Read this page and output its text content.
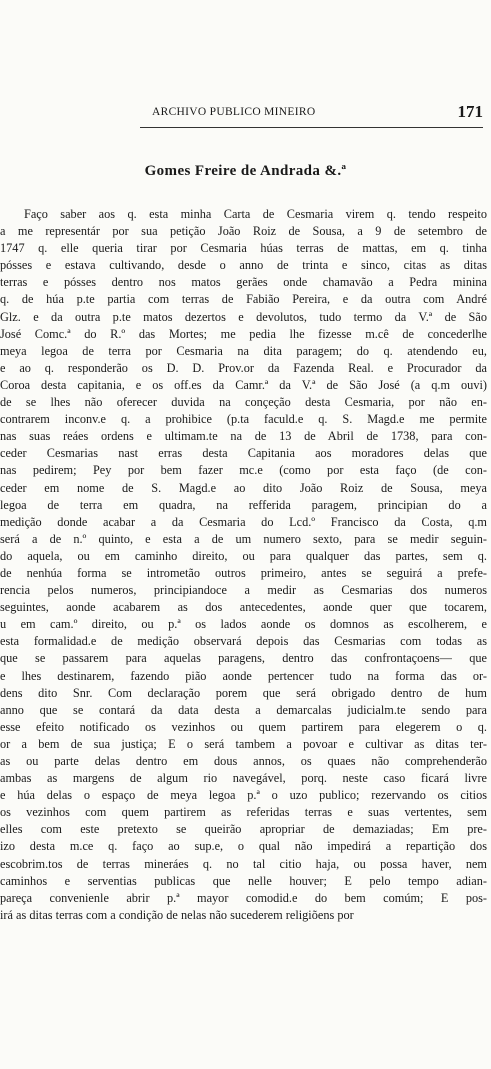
ARCHIVO PUBLICO MINEIRO	171
Gomes Freire de Andrada &.ª
Faço saber aos q. esta minha Carta de Cesmaria virem q. tendo respeito
a me representár por sua petição João Roiz de Sousa, a 9 de setembro de
1747 q. elle queria tirar por Cesmaria húas terras de mattas, em q. tinha
pósses e estava cultivando, desde o anno de trinta e sinco, citas as ditas
terras e pósses dentro nos matos gerães onde chamavão a Pedra minina
q. de húa p.te partia com terras de Fabião Pereira, e da outra com André
Glz. e da outra p.te matos dezertos e devolutos, tudo termo da V.ª de São
José Comc.ª do R.º das Mortes; me pedia lhe fizesse m.cê de concederlhe
meya legoa de terra por Cesmaria na dita paragem; do q. atendendo eu,
e ao q. responderão os D. D. Prov.or da Fazenda Real. e Procurador da
Coroa desta capitania, e os off.es da Camr.ª da V.ª de São José (a q.m ouvi)
de se lhes não oferecer duvida na conçeção desta Cesmaria, por não en-
contrarem inconv.e q. a prohibice (p.ta faculd.e q. S. Magd.e me permite
nas suas reáes ordens e ultimam.te na de 13 de Abril de 1738, para con-
ceder Cesmarias nast erras desta Capitania aos moradores delas que
nas pedirem; Pey por bem fazer mc.e (como por esta faço (de con-
ceder em nome de S. Magd.e ao dito João Roiz de Sousa, meya
legoa de terra em quadra, na refferida paragem, principian do a
medição donde acabar a da Cesmaria do Lcd.º Francisco da Costa, q.m
será a de n.º quinto, e esta a de um numero sexto, para se medir seguin-
do aquela, ou em caminho direito, ou para qualquer das partes, sem q.
de nenhúa forma se intrometão outros primeiro, antes se seguirá a prefe-
rencia pelos numeros, principiandoce a medir as Cesmarias dos numeros
seguintes, aonde acabarem as dos antecedentes, aonde quer que tocarem,
u em cam.º direito, ou p.ª os lados aonde os domnos as escolherem, e
esta formalidad.e de medição observará depois das Cesmarias com todas as
que se passarem para aquelas paragens, dentro das confrontaçoens— que
e lhes destinarem, fazendo pião aonde pertencer tudo na forma das or-
dens dito Snr. Com declaração porem que será obrigado dentro de hum
anno que se contará da data desta a demarcalas judicialm.te sendo para
esse efeito notificado os vezinhos ou quem partirem para elegerem o q.
or a bem de sua justiça; E o será tambem a povoar e cultivar as ditas ter-
as ou parte delas dentro em dous annos, os quaes não comprehenderão
ambas as margens de algum rio navegável, porq. neste caso ficará livre
e húa delas o espaço de meya legoa p.ª o uzo publico; rezervando os citios
os vezinhos com quem partirem as referidas terras e suas vertentes, sem
elles com este pretexto se queirão apropriar de demaziadas; Em pre-
izo desta m.ce q. faço ao sup.e, o qual não impedirá a repartição dos
escobrim.tos de terras mineráes q. no tal citio haja, ou possa haver, nem
caminhos e serventias publicas que nelle houver; E pelo tempo adian-
pareça convenienle abrir p.ª mayor comodid.e do bem comúm; E pos-
irá as ditas terras com a condição de nelas não sucederem religiõens por
